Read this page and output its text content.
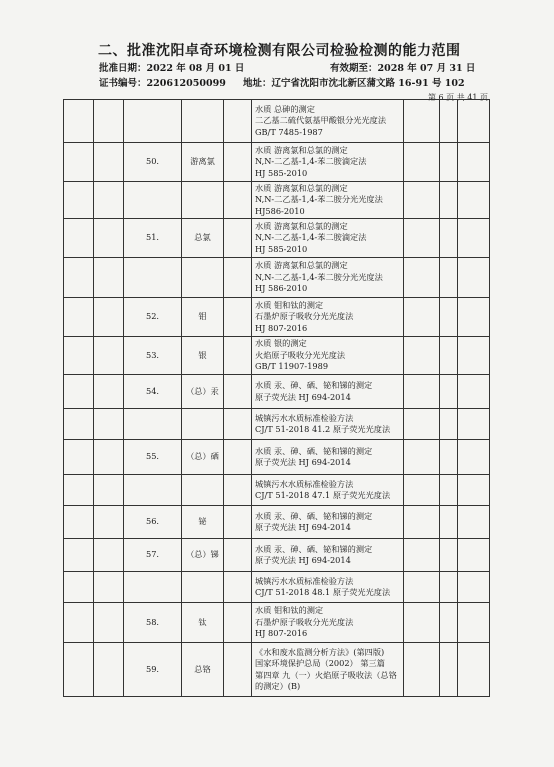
二、批准沈阳卓奇环境检测有限公司检验检测的能力范围
批准日期：2022 年 08 月 01 日	有效期至：2028 年 07 月 31 日
证书编号：220612050099 地址：辽宁省沈阳市沈北新区蒲文路 16-91 号 102
第 6 页 共 41 页

					水质 总砷的测定
二乙基二硫代氨基甲酸银分光光度法
GB/T 7485-1987			

		50.	游离氯		水质 游离氯和总氯的测定
N,N-二乙基-1,4-苯二胺滴定法
HJ 585-2010			

					水质 游离氯和总氯的测定
N,N-二乙基-1,4-苯二胺分光光度法
HJ586-2010			

		51.	总氯		水质 游离氯和总氯的测定
N,N-二乙基-1,4-苯二胺滴定法
HJ 585-2010			

					水质 游离氯和总氯的测定
N,N-二乙基-1,4-苯二胺分光光度法
HJ 586-2010			

		52.	钼		水质 钼和钛的测定
石墨炉原子吸收分光光度法
HJ 807-2016			

		53.	银		水质 银的测定
火焰原子吸收分光光度法
GB/T 11907-1989			

		54.	（总）汞		水质 汞、砷、硒、铋和锑的测定
原子荧光法 HJ 694-2014			

					城镇污水水质标准检验方法
CJ/T 51-2018 41.2 原子荧光光度法			

		55.	（总）硒		水质 汞、砷、硒、铋和锑的测定
原子荧光法 HJ 694-2014			

					城镇污水水质标准检验方法
CJ/T 51-2018 47.1 原子荧光光度法			

		56.	铋		水质 汞、砷、硒、铋和锑的测定
原子荧光法 HJ 694-2014			

		57.	（总）锑		水质 汞、砷、硒、铋和锑的测定
原子荧光法 HJ 694-2014			

					城镇污水水质标准检验方法
CJ/T 51-2018 48.1 原子荧光光度法			

		58.	钛		水质 钼和钛的测定
石墨炉原子吸收分光光度法
HJ 807-2016			

		59.	总铬		《水和废水监测分析方法》(第四版)
国家环境保护总局（2002） 第三篇
第四章 九（一）火焰原子吸收法（总铬的测定）(B)			
